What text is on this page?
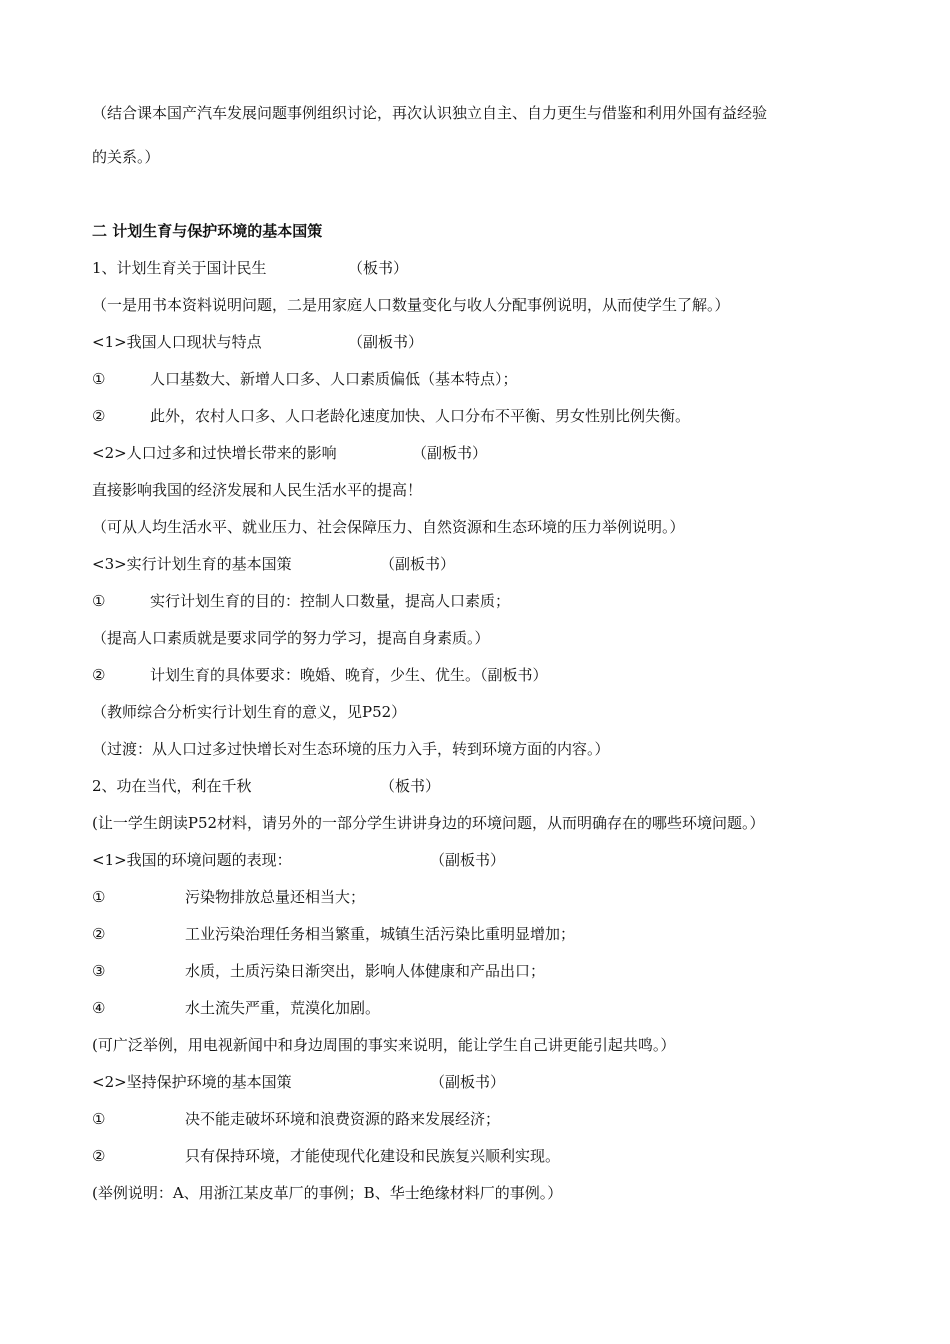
（结合课本国产汽车发展问题事例组织讨论，再次认识独立自主、自力更生与借鉴和利用外国有益经验
的关系。）
二 计划生育与保护环境的基本国策
1、计划生育关于国计民生	（板书）
（一是用书本资料说明问题，二是用家庭人口数量变化与收人分配事例说明，从而使学生了解。）
<1>我国人口现状与特点	（副板书）
①	人口基数大、新增人口多、人口素质偏低（基本特点）；
②	此外，农村人口多、人口老龄化速度加快、人口分布不平衡、男女性别比例失衡。
<2>人口过多和过快增长带来的影响	（副板书）
直接影响我国的经济发展和人民生活水平的提高！
（可从人均生活水平、就业压力、社会保障压力、自然资源和生态环境的压力举例说明。）
<3>实行计划生育的基本国策	（副板书）
①	实行计划生育的目的：控制人口数量，提高人口素质；
（提高人口素质就是要求同学的努力学习，提高自身素质。）
②	计划生育的具体要求：晚婚、晚育，少生、优生。（副板书）
（教师综合分析实行计划生育的意义，见P52）
（过渡：从人口过多过快增长对生态环境的压力入手，转到环境方面的内容。）
2、功在当代，利在千秋	（板书）
(让一学生朗读P52材料，请另外的一部分学生讲讲身边的环境问题，从而明确存在的哪些环境问题。）
<1>我国的环境问题的表现：	（副板书）
①	污染物排放总量还相当大；
②	工业污染治理任务相当繁重，城镇生活污染比重明显增加；
③	水质，土质污染日渐突出，影响人体健康和产品出口；
④	水土流失严重，荒漠化加剧。
(可广泛举例，用电视新闻中和身边周围的事实来说明，能让学生自己讲更能引起共鸣。）
<2>坚持保护环境的基本国策	（副板书）
①	决不能走破坏环境和浪费资源的路来发展经济；
②	只有保持环境，才能使现代化建设和民族复兴顺利实现。
(举例说明：A、用浙江某皮革厂的事例；B、华士绝缘材料厂的事例。）
